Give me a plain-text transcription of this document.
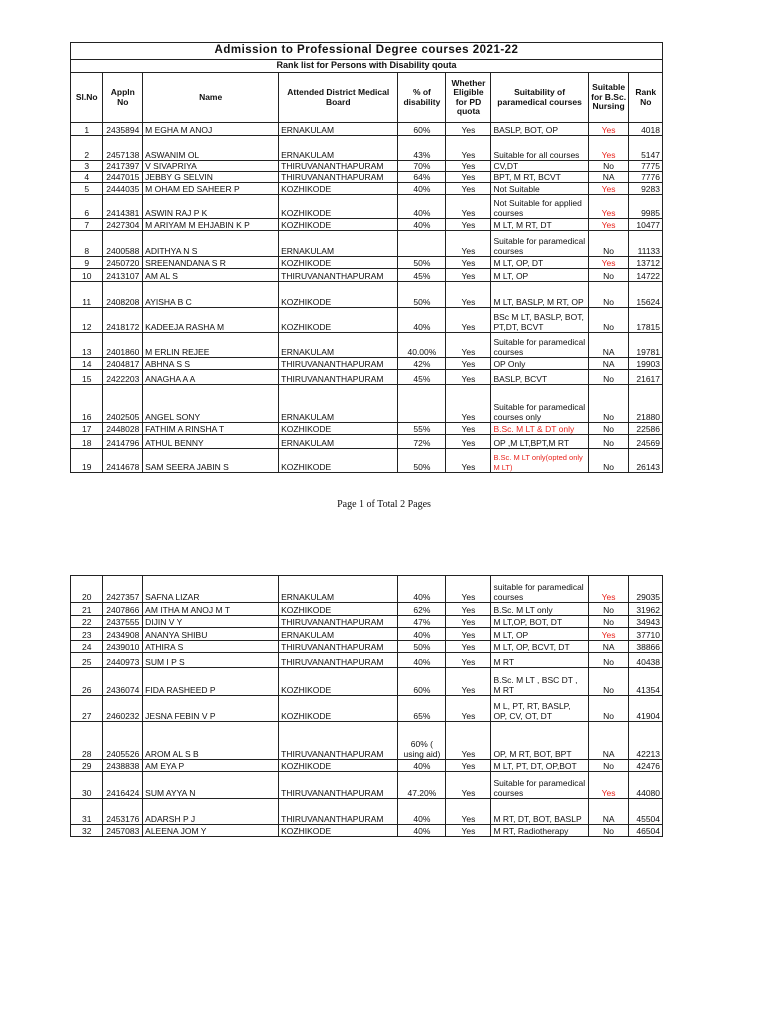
Admission to Professional Degree courses 2021-22								
Rank list for Persons with Disability qouta								
Sl.No	Appln No	Name	Attended District Medical Board	% of disability	Whether Eligible for PD quota	Suitability of paramedical courses	Suitable for B.Sc. Nursing	Rank No
1	2435894	M EGHA M ANOJ	ERNAKULAM	60%	Yes	BASLP, BOT, OP	Yes	4018
2	2457138	ASWANIM OL	ERNAKULAM	43%	Yes	Suitable for all courses	Yes	5147
3	2417397	V SIVAPRIYA	THIRUVANANTHAPURAM	70%	Yes	CV,DT	No	7775
4	2447015	JEBBY G SELVIN	THIRUVANANTHAPURAM	64%	Yes	BPT, M RT, BCVT	NA	7776
5	2444035	M OHAM ED SAHEER P	KOZHIKODE	40%	Yes	Not Suitable	Yes	9283
6	2414381	ASWIN RAJ P K	KOZHIKODE	40%	Yes	Not Suitable for applied courses	Yes	9985
7	2427304	M ARIYAM M EHJABIN K P	KOZHIKODE	40%	Yes	M LT, M RT, DT	Yes	10477
8	2400588	ADITHYA N S	ERNAKULAM		Yes	Suitable for paramedical courses	No	11133
9	2450720	SREENANDANA S R	KOZHIKODE	50%	Yes	M LT, OP, DT	Yes	13712
10	2413107	AM AL S	THIRUVANANTHAPURAM	45%	Yes	M LT, OP	No	14722
11	2408208	AYISHA B C	KOZHIKODE	50%	Yes	M LT, BASLP, M RT, OP	No	15624
12	2418172	KADEEJA RASHA M	KOZHIKODE	40%	Yes	BSc M LT, BASLP, BOT, PT,DT, BCVT	No	17815
13	2401860	M ERLIN REJEE	ERNAKULAM	40.00%	Yes	Suitable for paramedical courses	NA	19781
14	2404817	ABHNA S S	THIRUVANANTHAPURAM	42%	Yes	OP Only	NA	19903
15	2422203	ANAGHA A A	THIRUVANANTHAPURAM	45%	Yes	BASLP, BCVT	No	21617
16	2402505	ANGEL SONY	ERNAKULAM		Yes	Suitable for paramedical courses only	No	21880
17	2448028	FATHIM A RINSHA T	KOZHIKODE	55%	Yes	B.Sc. M LT & DT only	No	22586
18	2414796	ATHUL BENNY	ERNAKULAM	72%	Yes	OP ,M LT,BPT,M RT	No	24569
19	2414678	SAM SEERA JABIN S	KOZHIKODE	50%	Yes	B.Sc. M LT only(opted only M LT)	No	26143
Page 1 of Total 2 Pages
20	2427357	SAFNA LIZAR	ERNAKULAM	40%	Yes	suitable for paramedical courses	Yes	29035
21	2407866	AM ITHA M ANOJ M T	KOZHIKODE	62%	Yes	B.Sc. M LT only	No	31962
22	2437555	DIJIN V Y	THIRUVANANTHAPURAM	47%	Yes	M LT,OP, BOT, DT	No	34943
23	2434908	ANANYA SHIBU	ERNAKULAM	40%	Yes	M LT, OP	Yes	37710
24	2439010	ATHIRA S	THIRUVANANTHAPURAM	50%	Yes	M LT, OP, BCVT, DT	NA	38866
25	2440973	SUM I P S	THIRUVANANTHAPURAM	40%	Yes	M RT	No	40438
26	2436074	FIDA RASHEED P	KOZHIKODE	60%	Yes	B.Sc. M LT , BSC DT , M RT	No	41354
27	2460232	JESNA FEBIN V P	KOZHIKODE	65%	Yes	M L, PT, RT, BASLP, OP, CV, OT, DT	No	41904
28	2405526	AROM AL S B	THIRUVANANTHAPURAM	60% ( using aid)	Yes	OP, M RT, BOT, BPT	NA	42213
29	2438838	AM EYA P	KOZHIKODE	40%	Yes	M LT, PT, DT, OP,BOT	No	42476
30	2416424	SUM AYYA N	THIRUVANANTHAPURAM	47.20%	Yes	Suitable for paramedical courses	Yes	44080
31	2453176	ADARSH P J	THIRUVANANTHAPURAM	40%	Yes	M RT, DT, BOT, BASLP	NA	45504
32	2457083	ALEENA JOM Y	KOZHIKODE	40%	Yes	M RT, Radiotherapy	No	46504
